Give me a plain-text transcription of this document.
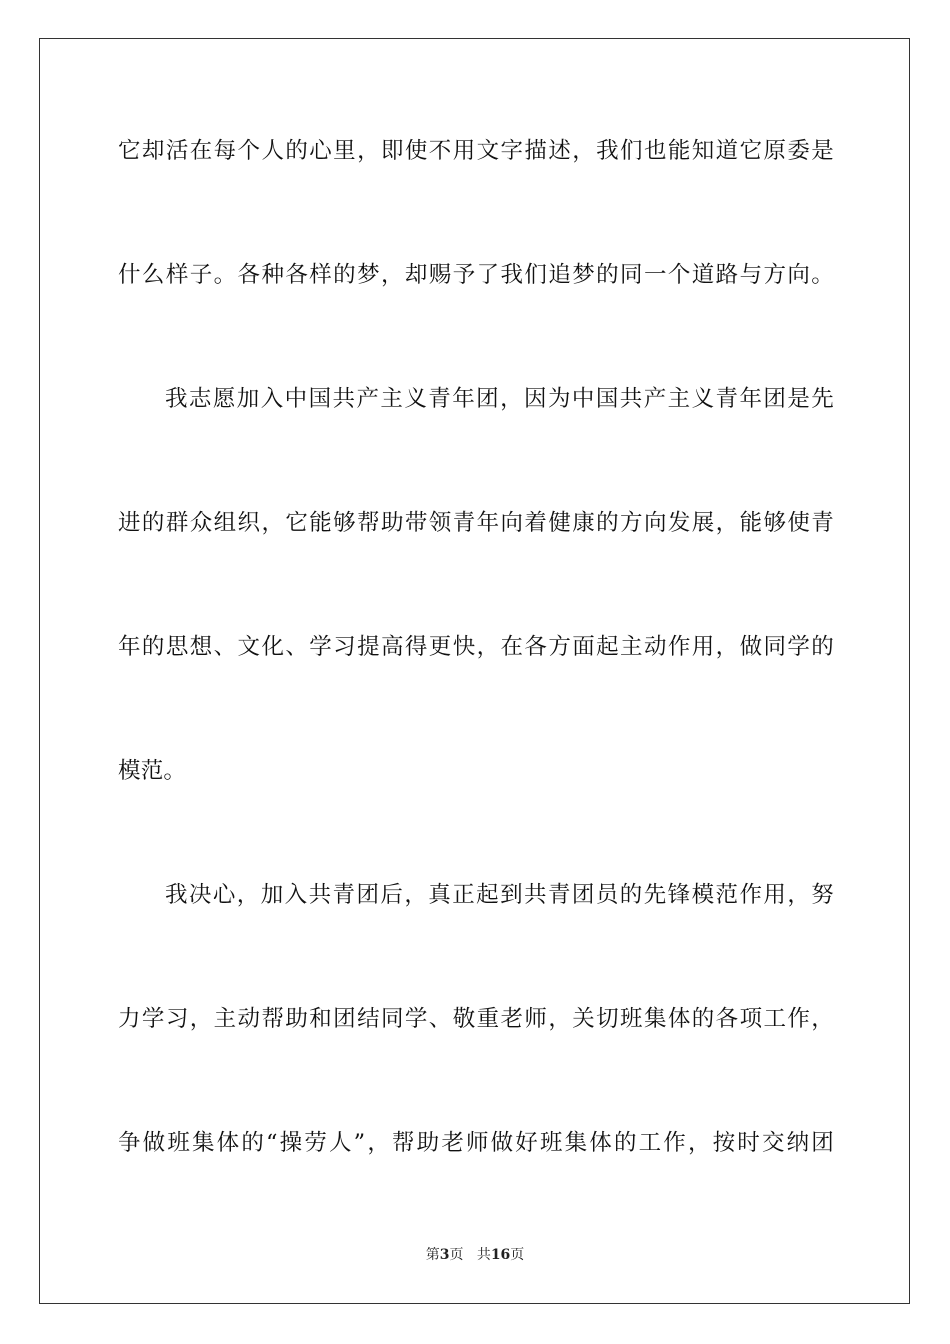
它却活在每个人的心里，即使不用文字描述，我们也能知道它原委是
什么样子。各种各样的梦，却赐予了我们追梦的同一个道路与方向。
我志愿加入中国共产主义青年团，因为中国共产主义青年团是先
进的群众组织，它能够帮助带领青年向着健康的方向发展，能够使青
年的思想、文化、学习提高得更快，在各方面起主动作用，做同学的
模范。
我决心，加入共青团后，真正起到共青团员的先锋模范作用，努
力学习，主动帮助和团结同学、敬重老师，关切班集体的各项工作，
争做班集体的“操劳人”，帮助老师做好班集体的工作，按时交纳团
第3页 共16页
